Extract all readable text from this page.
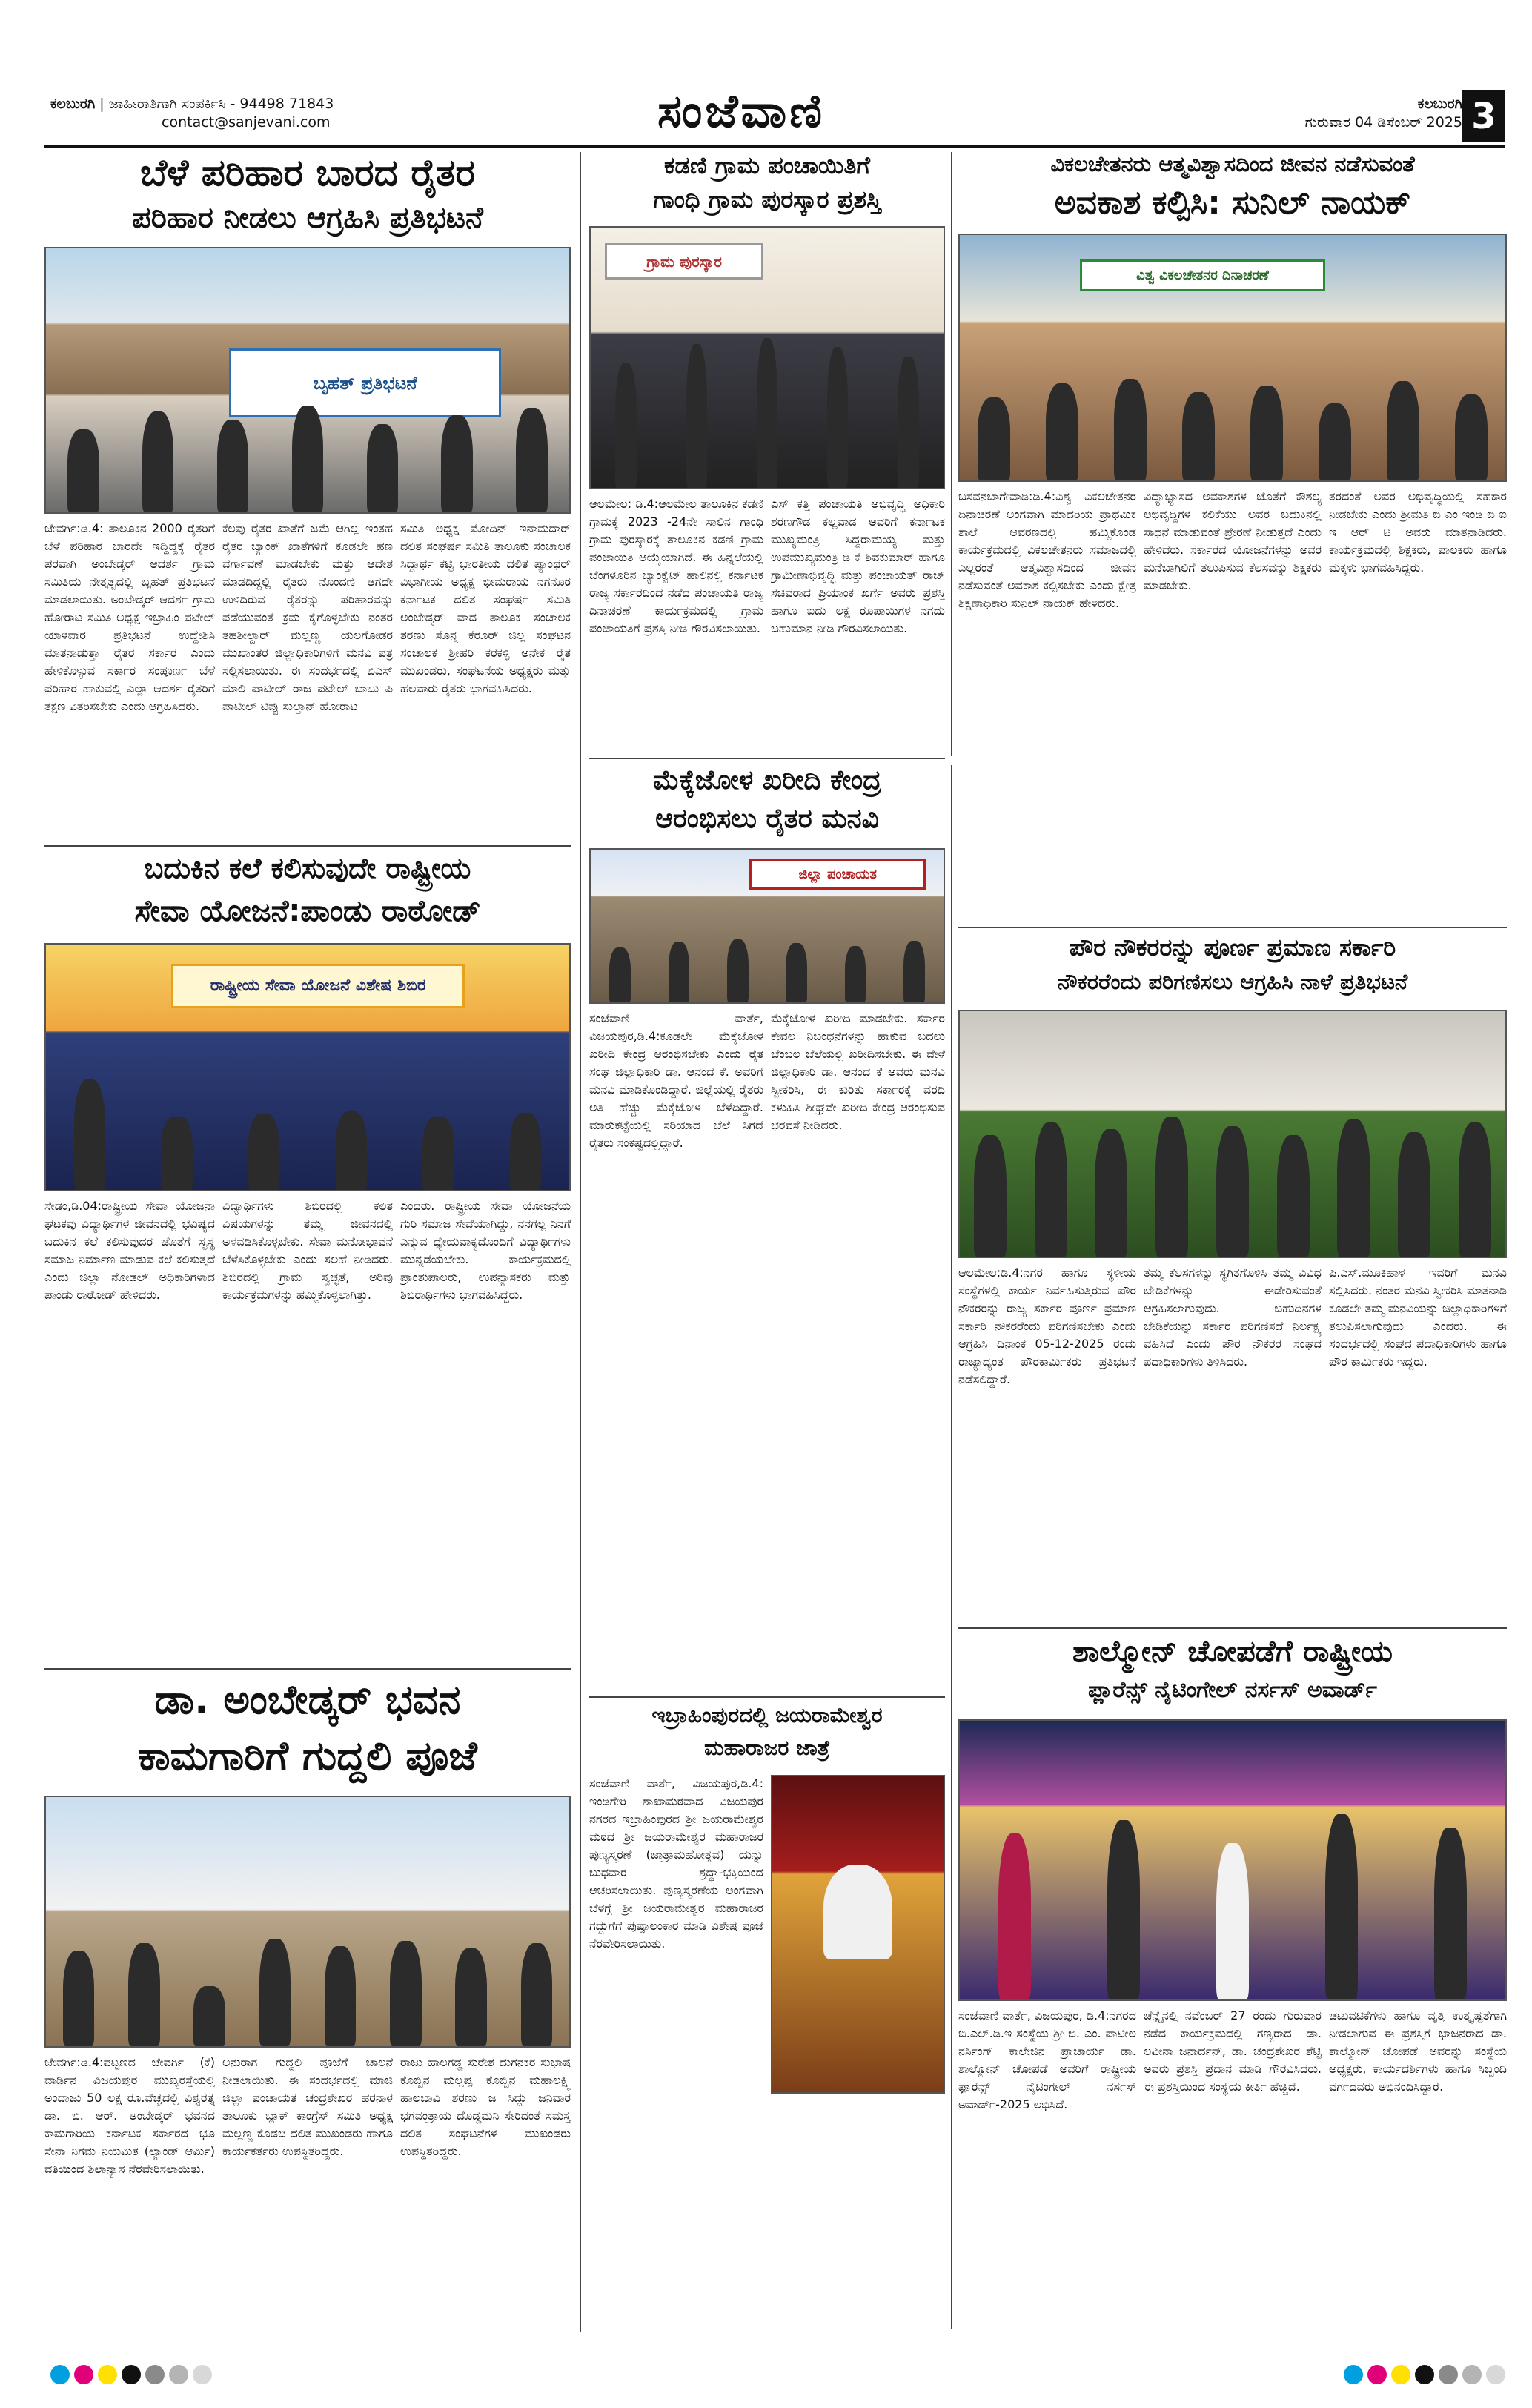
ಕಲಬುರಗಿ | ಜಾಹೀರಾತಿಗಾಗಿ ಸಂಪರ್ಕಿಸಿ - 94498 71843
contact@sanjevani.com	ಸಂಜೆವಾಣಿ	ಕಲಬುರಗಿ
ಗುರುವಾರ 04 ಡಿಸೆಂಬರ್ 2025 3
ಬೆಳೆ ಪರಿಹಾರ ಬಾರದ ರೈತರ
ಪರಿಹಾರ ನೀಡಲು ಆಗ್ರಹಿಸಿ ಪ್ರತಿಭಟನೆ
ಬೃಹತ್ ಪ್ರತಿಭಟನೆ
ಜೇವರ್ಗಿ:ಡಿ.4: ತಾಲೂಕಿನ 2000 ರೈತರಿಗೆ ಬೆಳೆ ಪರಿಹಾರ ಬಾರದೇ ಇದ್ದಿದ್ದಕ್ಕೆ ರೈತರ ಪರವಾಗಿ ಅಂಬೇಡ್ಕರ್ ಆದರ್ಶ ಗ್ರಾಮ ಸಮಿತಿಯ ನೇತೃತ್ವದಲ್ಲಿ ಬೃಹತ್ ಪ್ರತಿಭಟನೆ ಮಾಡಲಾಯಿತು. ಅಂಬೇಡ್ಕರ್ ಆದರ್ಶ ಗ್ರಾಮ ಹೋರಾಟ ಸಮಿತಿ ಅಧ್ಯಕ್ಷ ಇಬ್ರಾಹಿಂ ಪಟೇಲ್ ಯಾಳವಾರ ಪ್ರತಿಭಟನೆ ಉದ್ದೇಶಿಸಿ ಮಾತನಾಡುತ್ತಾ ರೈತರ ಸರ್ಕಾರ ಎಂದು ಹೇಳಿಕೊಳ್ಳುವ ಸರ್ಕಾರ ಸಂಪೂರ್ಣ ಬೆಳೆ ಪರಿಹಾರ ಹಾಕುವಲ್ಲಿ ಎಲ್ಲಾ ಆದರ್ಶ ರೈತರಿಗೆ ತಕ್ಷಣ ವಿತರಿಸಬೇಕು ಎಂದು ಆಗ್ರಹಿಸಿದರು.
ಕೆಲವು ರೈತರ ಖಾತೆಗೆ ಜಮೆ ಆಗಿಲ್ಲ ಇಂತಹ ರೈತರ ಬ್ಯಾಂಕ್ ಖಾತೆಗಳಿಗೆ ಕೂಡಲೇ ಹಣ ವರ್ಗಾವಣೆ ಮಾಡಬೇಕು ಮತ್ತು ಆದೇಶ ಮಾಡದಿದ್ದಲ್ಲಿ ರೈತರು ನೊಂದಣಿ ಆಗದೇ ಉಳಿದಿರುವ ರೈತರನ್ನು ಪರಿಹಾರವನ್ನು ಪಡೆಯುವಂತೆ ಕ್ರಮ ಕೈಗೊಳ್ಳಬೇಕು ನಂತರ ತಹಶೀಲ್ದಾರ್ ಮಲ್ಲಣ್ಣ ಯಲಗೋಡರ ಮುಖಾಂತರ ಜಿಲ್ಲಾಧಿಕಾರಿಗಳಿಗೆ ಮನವಿ ಪತ್ರ ಸಲ್ಲಿಸಲಾಯಿತು. ಈ ಸಂದರ್ಭದಲ್ಲಿ ಬಿಎಸ್ ಮಾಲಿ ಪಾಟೀಲ್ ರಾಜ ಪಟೇಲ್ ಬಾಬು ಪಿ ಪಾಟೀಲ್ ಟಿಪ್ಪು ಸುಲ್ತಾನ್ ಹೋರಾಟ
ಸಮಿತಿ ಅಧ್ಯಕ್ಷ ಮೋದಿನ್ ಇನಾಮದಾರ್ ದಲಿತ ಸಂಘರ್ಷ ಸಮಿತಿ ತಾಲೂಕು ಸಂಚಾಲಕ ಸಿದ್ದಾರ್ಥ ಕಟ್ಟಿ ಭಾರತೀಯ ದಲಿತ ಪ್ಯಾಂಥರ್ ವಿಭಾಗೀಯ ಅಧ್ಯಕ್ಷ ಭೀಮರಾಯ ನಗನೂರ ಕರ್ನಾಟಕ ದಲಿತ ಸಂಘರ್ಷ ಸಮಿತಿ ಅಂಬೇಡ್ಕರ್ ವಾದ ತಾಲೂಕ ಸಂಚಾಲಕ ಶರಣು ಸೊನ್ನ ಕೆರೂರ್ ಜಿಲ್ಲ ಸಂಘಟನ ಸಂಚಾಲಕ ಶ್ರೀಹರಿ ಕರಕಳ್ಳಿ ಅನೇಕ ರೈತ ಮುಖಂಡರು, ಸಂಘಟನೆಯ ಅಧ್ಯಕ್ಷರು ಮತ್ತು ಹಲವಾರು ರೈತರು ಭಾಗವಹಿಸಿದರು.
ಕಡಣಿ ಗ್ರಾಮ ಪಂಚಾಯಿತಿಗೆ
ಗಾಂಧಿ ಗ್ರಾಮ ಪುರಸ್ಕಾರ ಪ್ರಶಸ್ತಿ
ಗ್ರಾಮ ಪುರಸ್ಕಾರ
ಆಲಮೇಲ: ಡಿ.4:ಆಲಮೇಲ ತಾಲೂಕಿನ ಕಡಣಿ ಗ್ರಾಮಕ್ಕೆ 2023 -24ನೇ ಸಾಲಿನ ಗಾಂಧಿ ಗ್ರಾಮ ಪುರಸ್ಕಾರಕ್ಕೆ ತಾಲೂಕಿನ ಕಡಣಿ ಗ್ರಾಮ ಪಂಚಾಯಿತಿ ಆಯ್ಕೆಯಾಗಿದೆ. ಈ ಹಿನ್ನಲೆಯಲ್ಲಿ ಬೆಂಗಳೂರಿನ ಬ್ಯಾಂಕ್ವೆಟ್ ಹಾಲಿನಲ್ಲಿ ಕರ್ನಾಟಕ ರಾಜ್ಯ ಸರ್ಕಾರದಿಂದ ನಡೆದ ಪಂಚಾಯತಿ ರಾಜ್ಯ ದಿನಾಚರಣೆ ಕಾರ್ಯಕ್ರಮದಲ್ಲಿ ಗ್ರಾಮ ಪಂಚಾಯತಿಗೆ ಪ್ರಶಸ್ತಿ ನೀಡಿ ಗೌರವಿಸಲಾಯಿತು.
ಎಸ್ ಕತ್ತಿ ಪಂಚಾಯತಿ ಅಭಿವೃದ್ಧಿ ಅಧಿಕಾರಿ ಶರಣಗೌಡ ಕಲ್ಲವಾಡ ಅವರಿಗೆ ಕರ್ನಾಟಕ ಮುಖ್ಯಮಂತ್ರಿ ಸಿದ್ದರಾಮಯ್ಯ ಮತ್ತು ಉಪಮುಖ್ಯಮಂತ್ರಿ ಡಿ ಕೆ ಶಿವಕುಮಾರ್ ಹಾಗೂ ಗ್ರಾಮೀಣಾಭಿವೃದ್ಧಿ ಮತ್ತು ಪಂಚಾಯತ್ ರಾಜ್ ಸಚಿವರಾದ ಪ್ರಿಯಾಂಕ ಖರ್ಗೆ ಅವರು ಪ್ರಶಸ್ತಿ ಹಾಗೂ ಐದು ಲಕ್ಷ ರೂಪಾಯಿಗಳ ನಗದು ಬಹುಮಾನ ನೀಡಿ ಗೌರವಿಸಲಾಯಿತು.
ವಿಕಲಚೇತನರು ಆತ್ಮವಿಶ್ವಾಸದಿಂದ ಜೀವನ ನಡೆಸುವಂತೆ
ಅವಕಾಶ ಕಲ್ಪಿಸಿ: ಸುನಿಲ್ ನಾಯಕ್
ವಿಶ್ವ ವಿಕಲಚೇತನರ ದಿನಾಚರಣೆ
ಬಸವನಬಾಗೇವಾಡಿ:ಡಿ.4:ವಿಶ್ವ ವಿಕಲಚೇತನರ ದಿನಾಚರಣೆ ಅಂಗವಾಗಿ ಮಾದರಿಯ ಪ್ರಾಥಮಿಕ ಶಾಲೆ ಆವರಣದಲ್ಲಿ ಹಮ್ಮಿಕೊಂಡ ಕಾರ್ಯಕ್ರಮದಲ್ಲಿ ವಿಕಲಚೇತನರು ಸಮಾಜದಲ್ಲಿ ಎಲ್ಲರಂತೆ ಆತ್ಮವಿಶ್ವಾಸದಿಂದ ಜೀವನ ನಡೆಸುವಂತೆ ಅವಕಾಶ ಕಲ್ಪಿಸಬೇಕು ಎಂದು ಕ್ಷೇತ್ರ ಶಿಕ್ಷಣಾಧಿಕಾರಿ ಸುನಿಲ್ ನಾಯಕ್ ಹೇಳಿದರು.
ವಿದ್ಯಾಭ್ಯಾಸದ ಅವಕಾಶಗಳ ಜೊತೆಗೆ ಕೌಶಲ್ಯ ಅಭಿವೃದ್ಧಿಗಳ ಕಲಿಕೆಯು ಅವರ ಬದುಕಿನಲ್ಲಿ ಸಾಧನೆ ಮಾಡುವಂತೆ ಪ್ರೇರಣೆ ನೀಡುತ್ತದೆ ಎಂದು ಹೇಳಿದರು. ಸರ್ಕಾರದ ಯೋಜನೆಗಳನ್ನು ಅವರ ಮನೆಬಾಗಿಲಿಗೆ ತಲುಪಿಸುವ ಕೆಲಸವನ್ನು ಶಿಕ್ಷಕರು ಮಾಡಬೇಕು.
ತರದಂತೆ ಅವರ ಅಭಿವೃದ್ಧಿಯಲ್ಲಿ ಸಹಕಾರ ನೀಡಬೇಕು ಎಂದು ಶ್ರೀಮತಿ ಬಿ ಎಂ ಇಂಡಿ ಬಿ ಐ ಇ ಆರ್ ಟಿ ಅವರು ಮಾತನಾಡಿದರು. ಕಾರ್ಯಕ್ರಮದಲ್ಲಿ ಶಿಕ್ಷಕರು, ಪಾಲಕರು ಹಾಗೂ ಮಕ್ಕಳು ಭಾಗವಹಿಸಿದ್ದರು.
ಮೆಕ್ಕೆಜೋಳ ಖರೀದಿ ಕೇಂದ್ರ
ಆರಂಭಿಸಲು ರೈತರ ಮನವಿ
ಜಿಲ್ಲಾ ಪಂಚಾಯತ
ಸಂಜೆವಾಣಿ ವಾರ್ತೆ, ವಿಜಯಪುರ,ಡಿ.4:ಕೂಡಲೇ ಮೆಕ್ಕೆಜೋಳ ಖರೀದಿ ಕೇಂದ್ರ ಆರಂಭಿಸಬೇಕು ಎಂದು ರೈತ ಸಂಘ ಜಿಲ್ಲಾಧಿಕಾರಿ ಡಾ. ಆನಂದ ಕೆ. ಅವರಿಗೆ ಮನವಿ ಮಾಡಿಕೊಂಡಿದ್ದಾರೆ. ಜಿಲ್ಲೆಯಲ್ಲಿ ರೈತರು ಅತಿ ಹೆಚ್ಚು ಮೆಕ್ಕೆಜೋಳ ಬೆಳೆದಿದ್ದಾರೆ. ಮಾರುಕಟ್ಟೆಯಲ್ಲಿ ಸರಿಯಾದ ಬೆಲೆ ಸಿಗದೆ ರೈತರು ಸಂಕಷ್ಟದಲ್ಲಿದ್ದಾರೆ.
ಮೆಕ್ಕೆಜೋಳ ಖರೀದಿ ಮಾಡಬೇಕು. ಸರ್ಕಾರ ಕೇವಲ ನಿಬಂಧನೆಗಳನ್ನು ಹಾಕುವ ಬದಲು ಬೆಂಬಲ ಬೆಲೆಯಲ್ಲಿ ಖರೀದಿಸಬೇಕು. ಈ ವೇಳೆ ಜಿಲ್ಲಾಧಿಕಾರಿ ಡಾ. ಆನಂದ ಕೆ ಅವರು ಮನವಿ ಸ್ವೀಕರಿಸಿ, ಈ ಕುರಿತು ಸರ್ಕಾರಕ್ಕೆ ವರದಿ ಕಳುಹಿಸಿ ಶೀಘ್ರವೇ ಖರೀದಿ ಕೇಂದ್ರ ಆರಂಭಿಸುವ ಭರವಸೆ ನೀಡಿದರು.
ಬದುಕಿನ ಕಲೆ ಕಲಿಸುವುದೇ ರಾಷ್ಟ್ರೀಯ
ಸೇವಾ ಯೋಜನೆ:ಪಾಂಡು ರಾಠೋಡ್
ರಾಷ್ಟ್ರೀಯ ಸೇವಾ ಯೋಜನೆ ವಿಶೇಷ ಶಿಬಿರ
ಸೇಡಂ,ಡಿ.04:ರಾಷ್ಟ್ರೀಯ ಸೇವಾ ಯೋಜನಾ ಘಟಕವು ವಿದ್ಯಾರ್ಥಿಗಳ ಜೀವನದಲ್ಲಿ ಭವಿಷ್ಯದ ಬದುಕಿನ ಕಲೆ ಕಲಿಸುವುದರ ಜೊತೆಗೆ ಸ್ವಸ್ಥ ಸಮಾಜ ನಿರ್ಮಾಣ ಮಾಡುವ ಕಲೆ ಕಲಿಸುತ್ತದೆ ಎಂದು ಜಿಲ್ಲಾ ನೋಡಲ್ ಅಧಿಕಾರಿಗಳಾದ ಪಾಂಡು ರಾಠೋಡ್ ಹೇಳಿದರು.
ವಿದ್ಯಾರ್ಥಿಗಳು ಶಿಬಿರದಲ್ಲಿ ಕಲಿತ ವಿಷಯಗಳನ್ನು ತಮ್ಮ ಜೀವನದಲ್ಲಿ ಅಳವಡಿಸಿಕೊಳ್ಳಬೇಕು. ಸೇವಾ ಮನೋಭಾವನೆ ಬೆಳೆಸಿಕೊಳ್ಳಬೇಕು ಎಂದು ಸಲಹೆ ನೀಡಿದರು. ಶಿಬಿರದಲ್ಲಿ ಗ್ರಾಮ ಸ್ವಚ್ಛತೆ, ಅರಿವು ಕಾರ್ಯಕ್ರಮಗಳನ್ನು ಹಮ್ಮಿಕೊಳ್ಳಲಾಗಿತ್ತು.
ಎಂದರು. ರಾಷ್ಟ್ರೀಯ ಸೇವಾ ಯೋಜನೆಯ ಗುರಿ ಸಮಾಜ ಸೇವೆಯಾಗಿದ್ದು, ನನಗಲ್ಲ ನಿನಗೆ ಎನ್ನುವ ಧ್ಯೇಯವಾಕ್ಯದೊಂದಿಗೆ ವಿದ್ಯಾರ್ಥಿಗಳು ಮುನ್ನಡೆಯಬೇಕು. ಕಾರ್ಯಕ್ರಮದಲ್ಲಿ ಪ್ರಾಂಶುಪಾಲರು, ಉಪನ್ಯಾಸಕರು ಮತ್ತು ಶಿಬಿರಾರ್ಥಿಗಳು ಭಾಗವಹಿಸಿದ್ದರು.
ಪೌರ ನೌಕರರನ್ನು ಪೂರ್ಣ ಪ್ರಮಾಣ ಸರ್ಕಾರಿ
ನೌಕರರೆಂದು ಪರಿಗಣಿಸಲು ಆಗ್ರಹಿಸಿ ನಾಳೆ ಪ್ರತಿಭಟನೆ
ಆಲಮೇಲ:ಡಿ.4:ನಗರ ಹಾಗೂ ಸ್ಥಳೀಯ ಸಂಸ್ಥೆಗಳಲ್ಲಿ ಕಾರ್ಯ ನಿರ್ವಹಿಸುತ್ತಿರುವ ಪೌರ ನೌಕರರನ್ನು ರಾಜ್ಯ ಸರ್ಕಾರ ಪೂರ್ಣ ಪ್ರಮಾಣ ಸರ್ಕಾರಿ ನೌಕರರೆಂದು ಪರಿಗಣಿಸಬೇಕು ಎಂದು ಆಗ್ರಹಿಸಿ ದಿನಾಂಕ 05-12-2025 ರಂದು ರಾಜ್ಯಾದ್ಯಂತ ಪೌರಕಾರ್ಮಿಕರು ಪ್ರತಿಭಟನೆ ನಡೆಸಲಿದ್ದಾರೆ.
ತಮ್ಮ ಕೆಲಸಗಳನ್ನು ಸ್ಥಗಿತಗೊಳಿಸಿ ತಮ್ಮ ವಿವಿಧ ಬೇಡಿಕೆಗಳನ್ನು ಈಡೇರಿಸುವಂತೆ ಆಗ್ರಹಿಸಲಾಗುವುದು. ಬಹುದಿನಗಳ ಬೇಡಿಕೆಯನ್ನು ಸರ್ಕಾರ ಪರಿಗಣಿಸದೆ ನಿರ್ಲಕ್ಷ್ಯ ವಹಿಸಿದೆ ಎಂದು ಪೌರ ನೌಕರರ ಸಂಘದ ಪದಾಧಿಕಾರಿಗಳು ತಿಳಿಸಿದರು.
ಪಿ.ಎಸ್.ಮೂಕಿಹಾಳ ಇವರಿಗೆ ಮನವಿ ಸಲ್ಲಿಸಿದರು. ನಂತರ ಮನವಿ ಸ್ವೀಕರಿಸಿ ಮಾತನಾಡಿ ಕೂಡಲೇ ತಮ್ಮ ಮನವಿಯನ್ನು ಜಿಲ್ಲಾಧಿಕಾರಿಗಳಿಗೆ ತಲುಪಿಸಲಾಗುವುದು ಎಂದರು. ಈ ಸಂದರ್ಭದಲ್ಲಿ ಸಂಘದ ಪದಾಧಿಕಾರಿಗಳು ಹಾಗೂ ಪೌರ ಕಾರ್ಮಿಕರು ಇದ್ದರು.
ಇಬ್ರಾಹಿಂಪುರದಲ್ಲಿ ಜಯರಾಮೇಶ್ವರ
ಮಹಾರಾಜರ ಜಾತ್ರೆ
ಸಂಜೆವಾಣಿ ವಾರ್ತೆ, ವಿಜಯಪುರ,ಡಿ.4: ಇಂಡಿಗೇರಿ ಶಾಖಾಮಠವಾದ ವಿಜಯಪುರ ನಗರದ ಇಬ್ರಾಹಿಂಪುರದ ಶ್ರೀ ಜಯರಾಮೇಶ್ವರ ಮಠದ ಶ್ರೀ ಜಯರಾಮೇಶ್ವರ ಮಹಾರಾಜರ ಪುಣ್ಯಸ್ಮರಣೆ (ಜಾತ್ರಾಮಹೋತ್ಸವ) ಯನ್ನು ಬುಧವಾರ ಶ್ರದ್ಧಾ-ಭಕ್ತಿಯಿಂದ ಆಚರಿಸಲಾಯಿತು. ಪುಣ್ಯಸ್ಮರಣೆಯ ಅಂಗವಾಗಿ ಬೆಳಗ್ಗೆ ಶ್ರೀ ಜಯರಾಮೇಶ್ವರ ಮಹಾರಾಜರ ಗದ್ದುಗೆಗೆ ಪುಷ್ಪಾಲಂಕಾರ ಮಾಡಿ ವಿಶೇಷ ಪೂಜೆ ನೆರವೇರಿಸಲಾಯಿತು.
ಶಾಲ್ಮೋನ್ ಚೋಪಡೆಗೆ ರಾಷ್ಟ್ರೀಯ
ಫ್ಲಾರೆನ್ಸ್ ನೈಟಿಂಗೇಲ್ ನರ್ಸಸ್ ಅವಾರ್ಡ್
ಸಂಜೆವಾಣಿ ವಾರ್ತೆ, ವಿಜಯಪುರ, ಡಿ.4:ನಗರದ ಬಿ.ಎಲ್.ಡಿ.ಇ ಸಂಸ್ಥೆಯ ಶ್ರೀ ಬಿ. ಎಂ. ಪಾಟೀಲ ನರ್ಸಿಂಗ್ ಕಾಲೇಜಿನ ಪ್ರಾಚಾರ್ಯ ಡಾ. ಶಾಲ್ಮೋನ್ ಚೋಪಡೆ ಅವರಿಗೆ ರಾಷ್ಟ್ರೀಯ ಫ್ಲಾರೆನ್ಸ್ ನೈಟಿಂಗೇಲ್ ನರ್ಸಸ್ ಅವಾರ್ಡ್-2025 ಲಭಿಸಿದೆ.
ಚೆನ್ನೈನಲ್ಲಿ ನವೆಂಬರ್ 27 ರಂದು ಗುರುವಾರ ನಡೆದ ಕಾರ್ಯಕ್ರಮದಲ್ಲಿ ಗಣ್ಯರಾದ ಡಾ. ಲವೀನಾ ಜನಾರ್ದನ್, ಡಾ. ಚಂದ್ರಶೇಖರ ಶೆಟ್ಟಿ ಅವರು ಪ್ರಶಸ್ತಿ ಪ್ರದಾನ ಮಾಡಿ ಗೌರವಿಸಿದರು. ಈ ಪ್ರಶಸ್ತಿಯಿಂದ ಸಂಸ್ಥೆಯ ಕೀರ್ತಿ ಹೆಚ್ಚಿದೆ.
ಚಟುವಟಿಕೆಗಳು ಹಾಗೂ ವೃತ್ತಿ ಉತ್ಕೃಷ್ಟತೆಗಾಗಿ ನೀಡಲಾಗುವ ಈ ಪ್ರಶಸ್ತಿಗೆ ಭಾಜನರಾದ ಡಾ. ಶಾಲ್ಮೋನ್ ಚೋಪಡೆ ಅವರನ್ನು ಸಂಸ್ಥೆಯ ಅಧ್ಯಕ್ಷರು, ಕಾರ್ಯದರ್ಶಿಗಳು ಹಾಗೂ ಸಿಬ್ಬಂದಿ ವರ್ಗದವರು ಅಭಿನಂದಿಸಿದ್ದಾರೆ.
ಡಾ. ಅಂಬೇಡ್ಕರ್ ಭವನ
ಕಾಮಗಾರಿಗೆ ಗುದ್ದಲಿ ಪೂಜೆ
ಜೇವರ್ಗಿ:ಡಿ.4:ಪಟ್ಟಣದ ಜೇವರ್ಗಿ (ಕೆ) ವಾರ್ಡಿನ ವಿಜಯಪುರ ಮುಖ್ಯರಸ್ತೆಯಲ್ಲಿ ಅಂದಾಜು 50 ಲಕ್ಷ ರೂ.ವೆಚ್ಚದಲ್ಲಿ ವಿಶ್ವರತ್ನ ಡಾ. ಬಿ. ಆರ್. ಅಂಬೇಡ್ಕರ್ ಭವನದ ಕಾಮಗಾರಿಯ ಕರ್ನಾಟಕ ಸರ್ಕಾರದ ಭೂ ಸೇನಾ ನಿಗಮ ನಿಯಮಿತ (ಲ್ಯಾಂಡ್ ಆರ್ಮಿ) ವತಿಯಿಂದ ಶಿಲಾನ್ಯಾಸ ನೆರವೇರಿಸಲಾಯಿತು.
ಅನುರಾಗ ಗುದ್ದಲಿ ಪೂಜೆಗೆ ಚಾಲನೆ ನೀಡಲಾಯಿತು. ಈ ಸಂದರ್ಭದಲ್ಲಿ ಮಾಜಿ ಜಿಲ್ಲಾ ಪಂಚಾಯತ ಚಂದ್ರಶೇಖರ ಹರನಾಳ ತಾಲೂಕು ಬ್ಲಾಕ್ ಕಾಂಗ್ರೆಸ್ ಸಮಿತಿ ಅಧ್ಯಕ್ಷ ಮಲ್ಲಣ್ಣ ಕೊಡಚಿ ದಲಿತ ಮುಖಂಡರು ಹಾಗೂ ಕಾರ್ಯಕರ್ತರು ಉಪಸ್ಥಿತರಿದ್ದರು.
ರಾಜು ಹಾಲಗಡ್ಡ ಸುರೇಶ ದುಗನಕರ ಸುಭಾಷ ಕೊಬ್ಬಿನ ಮಲ್ಲಪ್ಪ ಕೊಬ್ಬಿನ ಮಹಾಲಕ್ಷ್ಮಿ ಹಾಲಬಾವಿ ಶರಣು ಜ ಸಿದ್ದು ಜನಿವಾರ ಭಗವಂತ್ರಾಯ ದೊಡ್ಡಮನಿ ಸೇರಿದಂತೆ ಸಮಸ್ತ ದಲಿತ ಸಂಘಟನೆಗಳ ಮುಖಂಡರು ಉಪಸ್ಥಿತರಿದ್ದರು.
